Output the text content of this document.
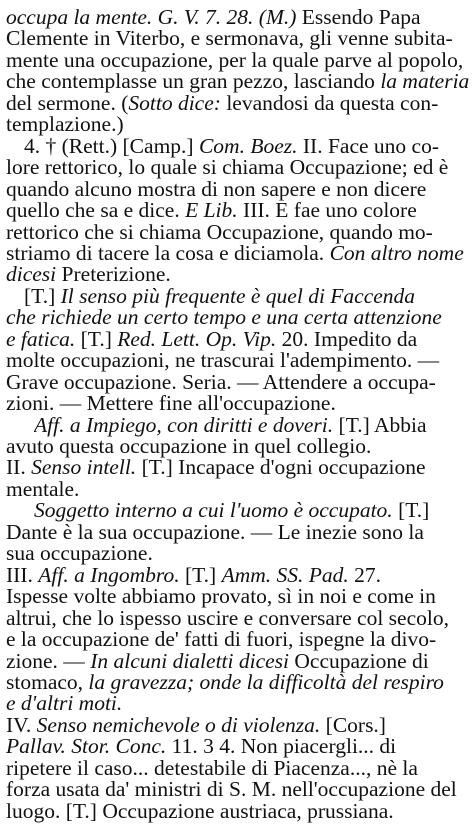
occupa la mente. G. V. 7. 28. (M.) Essendo Papa
Clemente in Viterbo, e sermonava, gli venne subita-
mente una occupazione, per la quale parve al popolo,
che contemplasse un gran pezzo, lasciando la materia
del sermone. (Sotto dice: levandosi da questa con-
templazione.)
4. † (Rett.) [Camp.] Com. Boez. II. Face uno co-
lore rettorico, lo quale si chiama Occupazione; ed è
quando alcuno mostra di non sapere e non dicere
quello che sa e dice. E Lib. III. E fae uno colore
rettorico che si chiama Occupazione, quando mo-
striamo di tacere la cosa e diciamola. Con altro nome
dicesi Preterizione.
[T.] Il senso più frequente è quel di Faccenda
che richiede un certo tempo e una certa attenzione
e fatica. [T.] Red. Lett. Op. Vip. 20. Impedito da
molte occupazioni, ne trascurai l'adempimento. —
Grave occupazione. Seria. — Attendere a occupa-
zioni. — Mettere fine all'occupazione.
Aff. a Impiego, con diritti e doveri. [T.] Abbia
avuto questa occupazione in quel collegio.
II. Senso intell. [T.] Incapace d'ogni occupazione
mentale.
Soggetto interno a cui l'uomo è occupato. [T.]
Dante è la sua occupazione. — Le inezie sono la
sua occupazione.
III. Aff. a Ingombro. [T.] Amm. SS. Pad. 27.
Ispesse volte abbiamo provato, sì in noi e come in
altrui, che lo ispesso uscire e conversare col secolo,
e la occupazione de' fatti di fuori, ispegne la divo-
zione. — In alcuni dialetti dicesi Occupazione di
stomaco, la gravezza; onde la difficoltà del respiro
e d'altri moti.
IV. Senso nemichevole o di violenza. [Cors.]
Pallav. Stor. Conc. 11. 3 4. Non piacergli... di
ripetere il caso... detestabile di Piacenza..., nè la
forza usata da' ministri di S. M. nell'occupazione del
luogo. [T.] Occupazione austriaca, prussiana.
